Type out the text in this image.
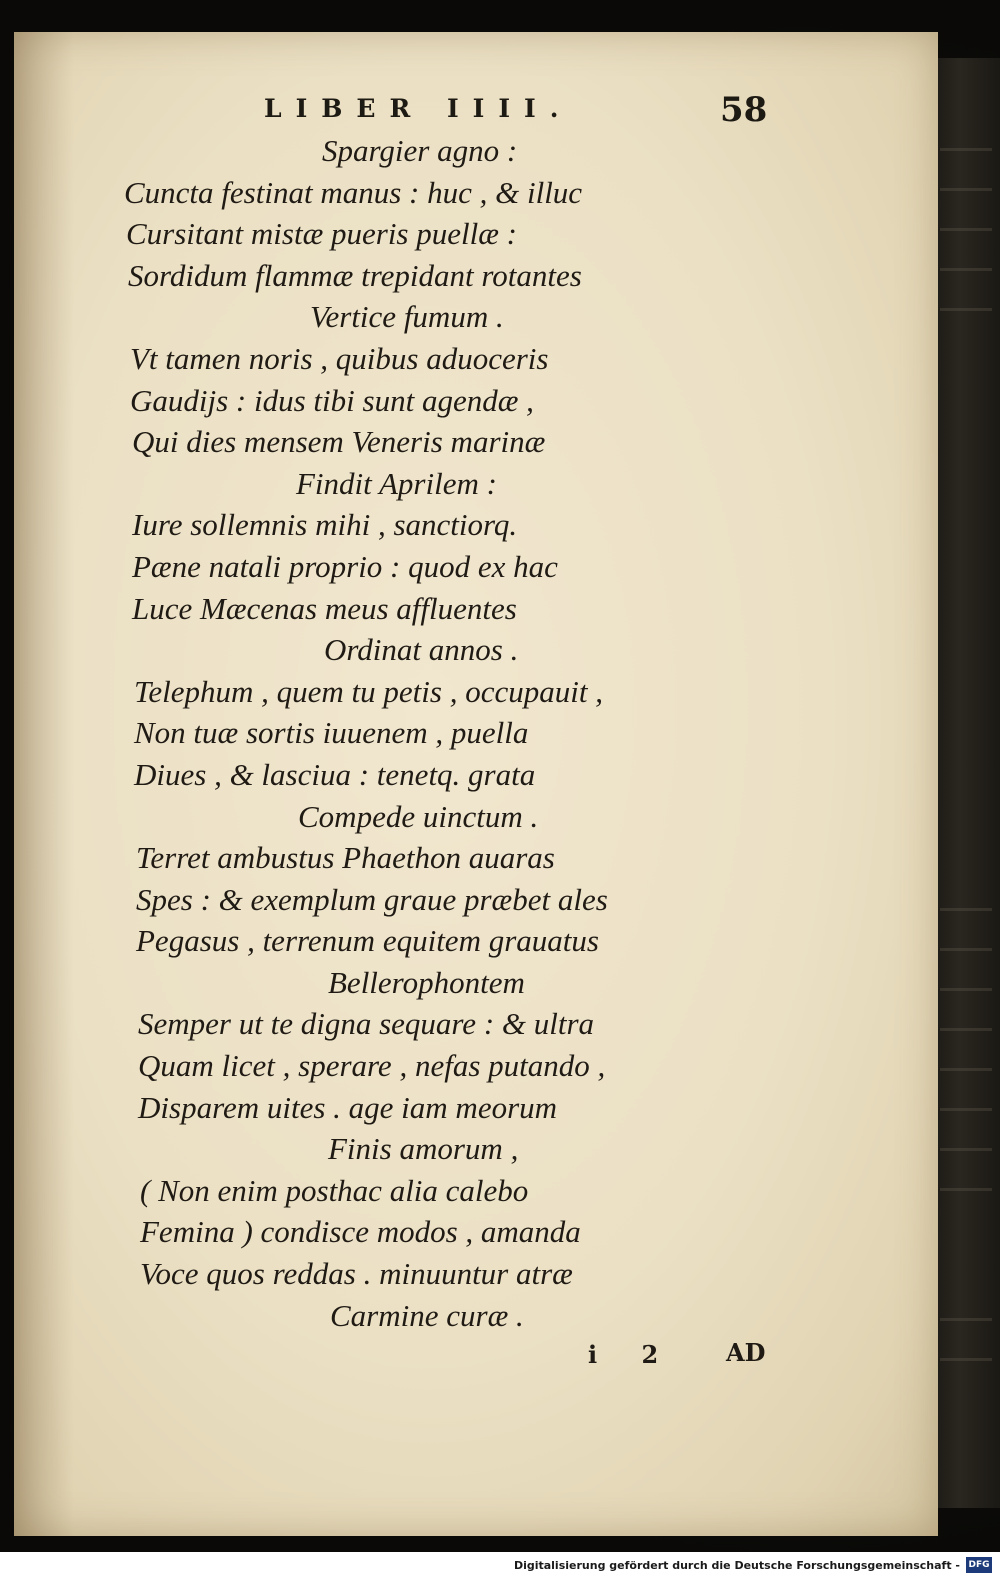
LIBER IIII.	58
Spargier agno :
Cuncta festinat manus : huc , & illuc
Cursitant mistæ pueris puellæ :
Sordidum flammæ trepidant rotantes
Vertice fumum .
Vt tamen noris , quibus aduoceris
Gaudijs : idus tibi sunt agendæ ,
Qui dies mensem Veneris marinæ
Findit Aprilem :
Iure sollemnis mihi , sanctiorq.
Pæne natali proprio : quod ex hac
Luce Mæcenas meus affluentes
Ordinat annos .
Telephum , quem tu petis , occupauit ,
Non tuæ sortis iuuenem , puella
Diues , & lasciua : tenetq. grata
Compede uinctum .
Terret ambustus Phaethon auaras
Spes : & exemplum graue præbet ales
Pegasus , terrenum equitem grauatus
Bellerophontem
Semper ut te digna sequare : & ultra
Quam licet , sperare , nefas putando ,
Disparem uites . age iam meorum
Finis amorum ,
( Non enim posthac alia calebo
Femina ) condisce modos , amanda
Voce quos reddas . minuuntur atræ
Carmine curæ .
i 2 AD
Digitalisierung gefördert durch die Deutsche Forschungsgemeinschaft - DFG
